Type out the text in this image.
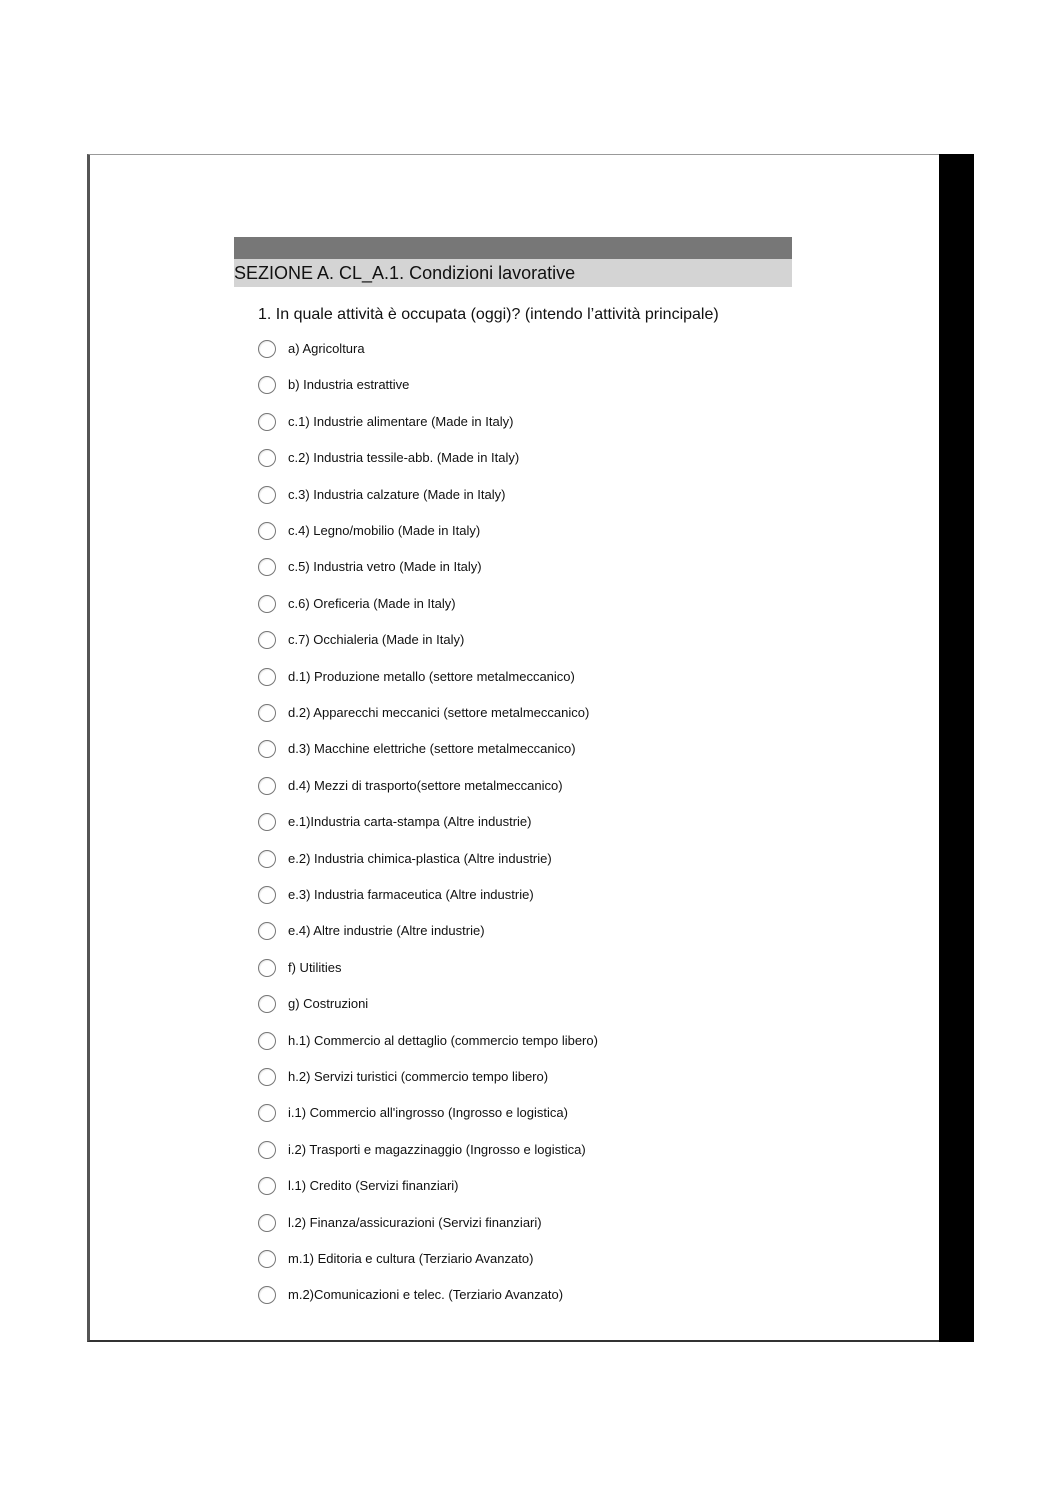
SEZIONE A. CL_A.1. Condizioni lavorative
1. In quale attività è occupata (oggi)? (intendo l’attività principale)
a) Agricoltura
b) Industria estrattive
c.1) Industrie alimentare (Made in Italy)
c.2) Industria tessile-abb. (Made in Italy)
c.3) Industria calzature (Made in Italy)
c.4) Legno/mobilio (Made in Italy)
c.5) Industria vetro (Made in Italy)
c.6) Oreficeria (Made in Italy)
c.7) Occhialeria (Made in Italy)
d.1) Produzione metallo (settore metalmeccanico)
d.2) Apparecchi meccanici (settore metalmeccanico)
d.3) Macchine elettriche (settore metalmeccanico)
d.4) Mezzi di trasporto(settore metalmeccanico)
e.1)Industria carta-stampa (Altre industrie)
e.2) Industria chimica-plastica (Altre industrie)
e.3) Industria farmaceutica (Altre industrie)
e.4) Altre industrie (Altre industrie)
f) Utilities
g) Costruzioni
h.1) Commercio al dettaglio (commercio tempo libero)
h.2) Servizi turistici (commercio tempo libero)
i.1) Commercio all'ingrosso (Ingrosso e logistica)
i.2) Trasporti e magazzinaggio (Ingrosso e logistica)
l.1) Credito (Servizi finanziari)
l.2) Finanza/assicurazioni (Servizi finanziari)
m.1) Editoria e cultura (Terziario Avanzato)
m.2)Comunicazioni e telec. (Terziario Avanzato)
